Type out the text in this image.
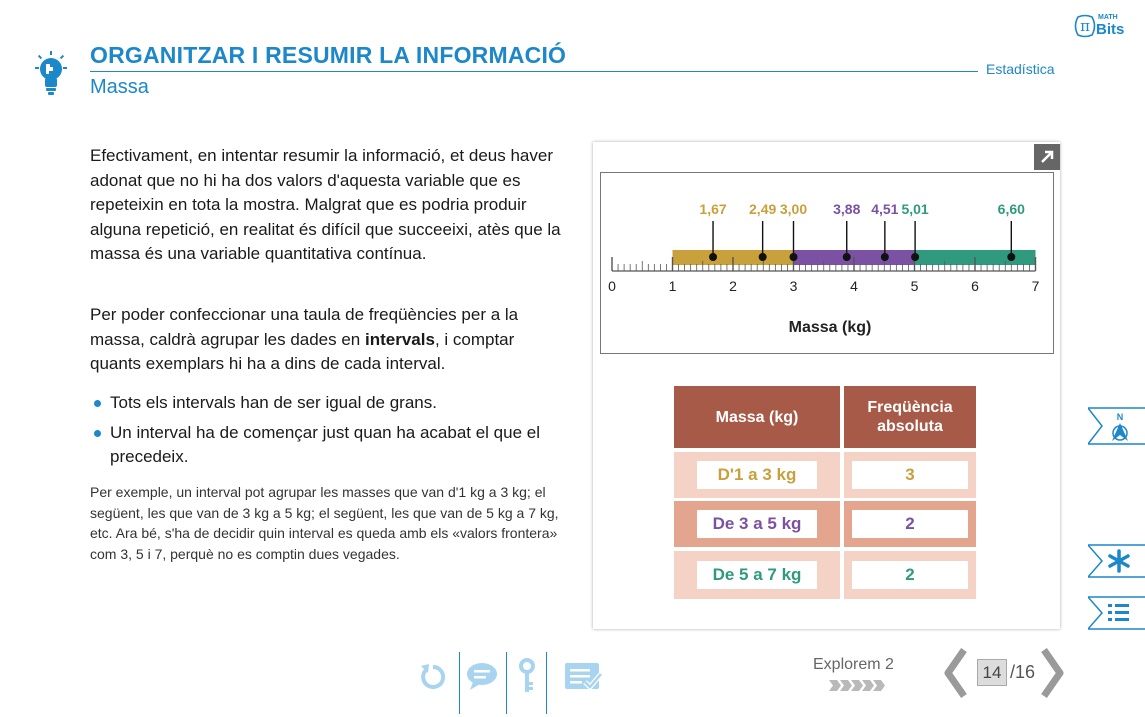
ORGANITZAR I RESUMIR LA INFORMACIÓ
Massa
Estadística
π MATH
Bits
Efectivament, en intentar resumir la informació, et deus haver adonat que no hi ha dos valors d'aquesta variable que es repeteixin en tota la mostra. Malgrat que es podria produir alguna repetició, en realitat és difícil que succeeixi, atès que la massa és una variable quantitativa contínua.
Per poder confeccionar una taula de freqüències per a la massa, caldrà agrupar les dades en intervals, i comptar quants exemplars hi ha a dins de cada interval.
Tots els intervals han de ser igual de grans.
Un interval ha de començar just quan ha acabat el que el precedeix.
Per exemple, un interval pot agrupar les masses que van d'1 kg a 3 kg; el següent, les que van de 3 kg a 5 kg; el següent, les que van de 5 kg a 7 kg, etc. Ara bé, s'ha de decidir quin interval es queda amb els «valors frontera» com 3, 5 i 7, perquè no es comptin dues vegades.
0	1	2	3	4	5	6	7
1,67 2,49 3,00 3,88 4,51 5,01	6,60
Massa (kg)
Massa (kg)
Freqüència absoluta
D'1 a 3 kg	3
De 3 a 5 kg	2
De 5 a 7 kg	2
N
Explorem 2	14 /16
